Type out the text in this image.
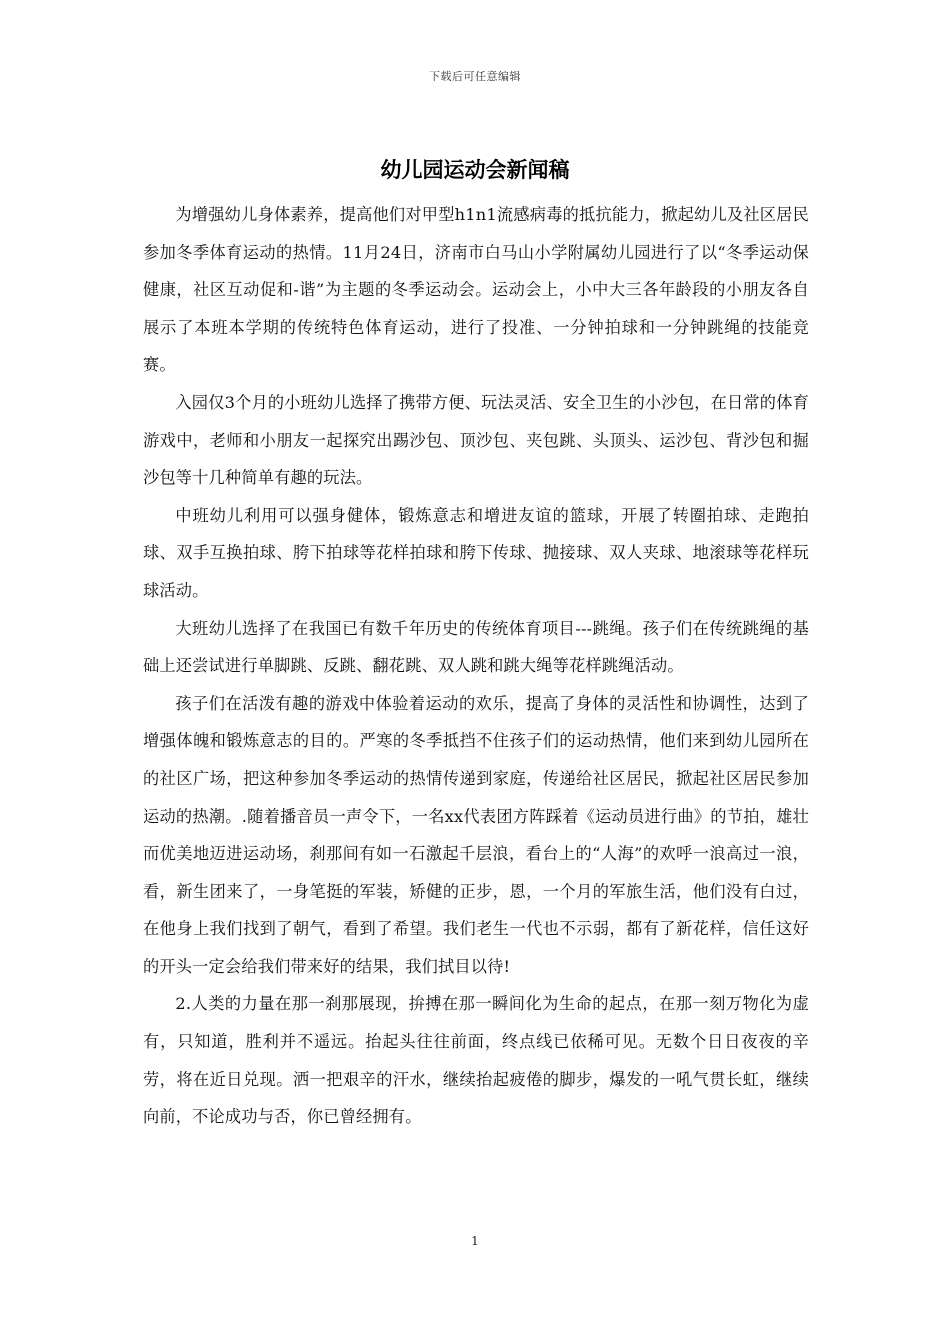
下载后可任意编辑
幼儿园运动会新闻稿

为增强幼儿身体素养，提高他们对甲型h1n1流感病毒的抵抗能力，掀起幼儿及社区居民参加冬季体育运动的热情。11月24日，济南市白马山小学附属幼儿园进行了以“冬季运动保健康，社区互动促和-谐”为主题的冬季运动会。运动会上，小中大三各年龄段的小朋友各自展示了本班本学期的传统特色体育运动，进行了投准、一分钟拍球和一分钟跳绳的技能竞赛。

入园仅3个月的小班幼儿选择了携带方便、玩法灵活、安全卫生的小沙包，在日常的体育游戏中，老师和小朋友一起探究出踢沙包、顶沙包、夹包跳、头顶头、运沙包、背沙包和掘沙包等十几种简单有趣的玩法。

中班幼儿利用可以强身健体，锻炼意志和增进友谊的篮球，开展了转圈拍球、走跑拍球、双手互换拍球、胯下拍球等花样拍球和胯下传球、抛接球、双人夹球、地滚球等花样玩球活动。

大班幼儿选择了在我国已有数千年历史的传统体育项目---跳绳。孩子们在传统跳绳的基础上还尝试进行单脚跳、反跳、翻花跳、双人跳和跳大绳等花样跳绳活动。

孩子们在活泼有趣的游戏中体验着运动的欢乐，提高了身体的灵活性和协调性，达到了增强体魄和锻炼意志的目的。严寒的冬季抵挡不住孩子们的运动热情，他们来到幼儿园所在的社区广场，把这种参加冬季运动的热情传递到家庭，传递给社区居民，掀起社区居民参加运动的热潮。.随着播音员一声令下，一名xx代表团方阵踩着《运动员进行曲》的节拍，雄壮而优美地迈进运动场，刹那间有如一石激起千层浪，看台上的“人海”的欢呼一浪高过一浪，看，新生团来了，一身笔挺的军装，矫健的正步，恩，一个月的军旅生活，他们没有白过，在他身上我们找到了朝气，看到了希望。我们老生一代也不示弱，都有了新花样，信任这好的开头一定会给我们带来好的结果，我们拭目以待!

2.人类的力量在那一刹那展现，拚搏在那一瞬间化为生命的起点，在那一刻万物化为虚有，只知道，胜利并不遥远。抬起头往往前面，终点线已依稀可见。无数个日日夜夜的辛劳，将在近日兑现。洒一把艰辛的汗水，继续抬起疲倦的脚步，爆发的一吼气贯长虹，继续向前，不论成功与否，你已曾经拥有。

1
